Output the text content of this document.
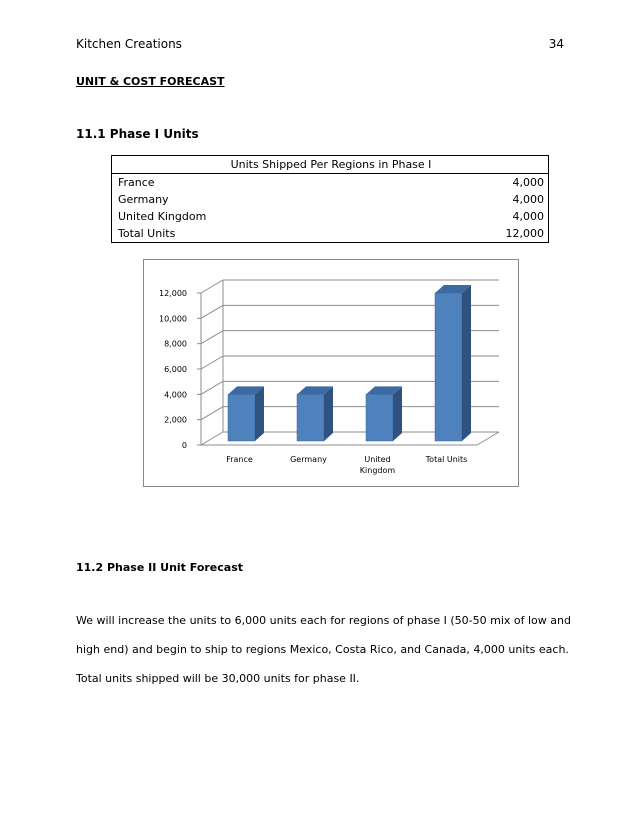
Kitchen Creations	34
UNIT & COST FORECAST
11.1 Phase I Units
Units Shipped Per Regions in Phase I	
France	4,000
Germany	4,000
United Kingdom	4,000
Total Units	12,000
0
2,000
4,000
6,000
8,000
10,000
12,000
France	Germany	United
Kingdom
Total Units
11.2 Phase II Unit Forecast
We will increase the units to 6,000 units each for regions of phase I (50-50 mix of low and high end) and begin to ship to regions Mexico, Costa Rico, and Canada, 4,000 units each. Total units shipped will be 30,000 units for phase II.
